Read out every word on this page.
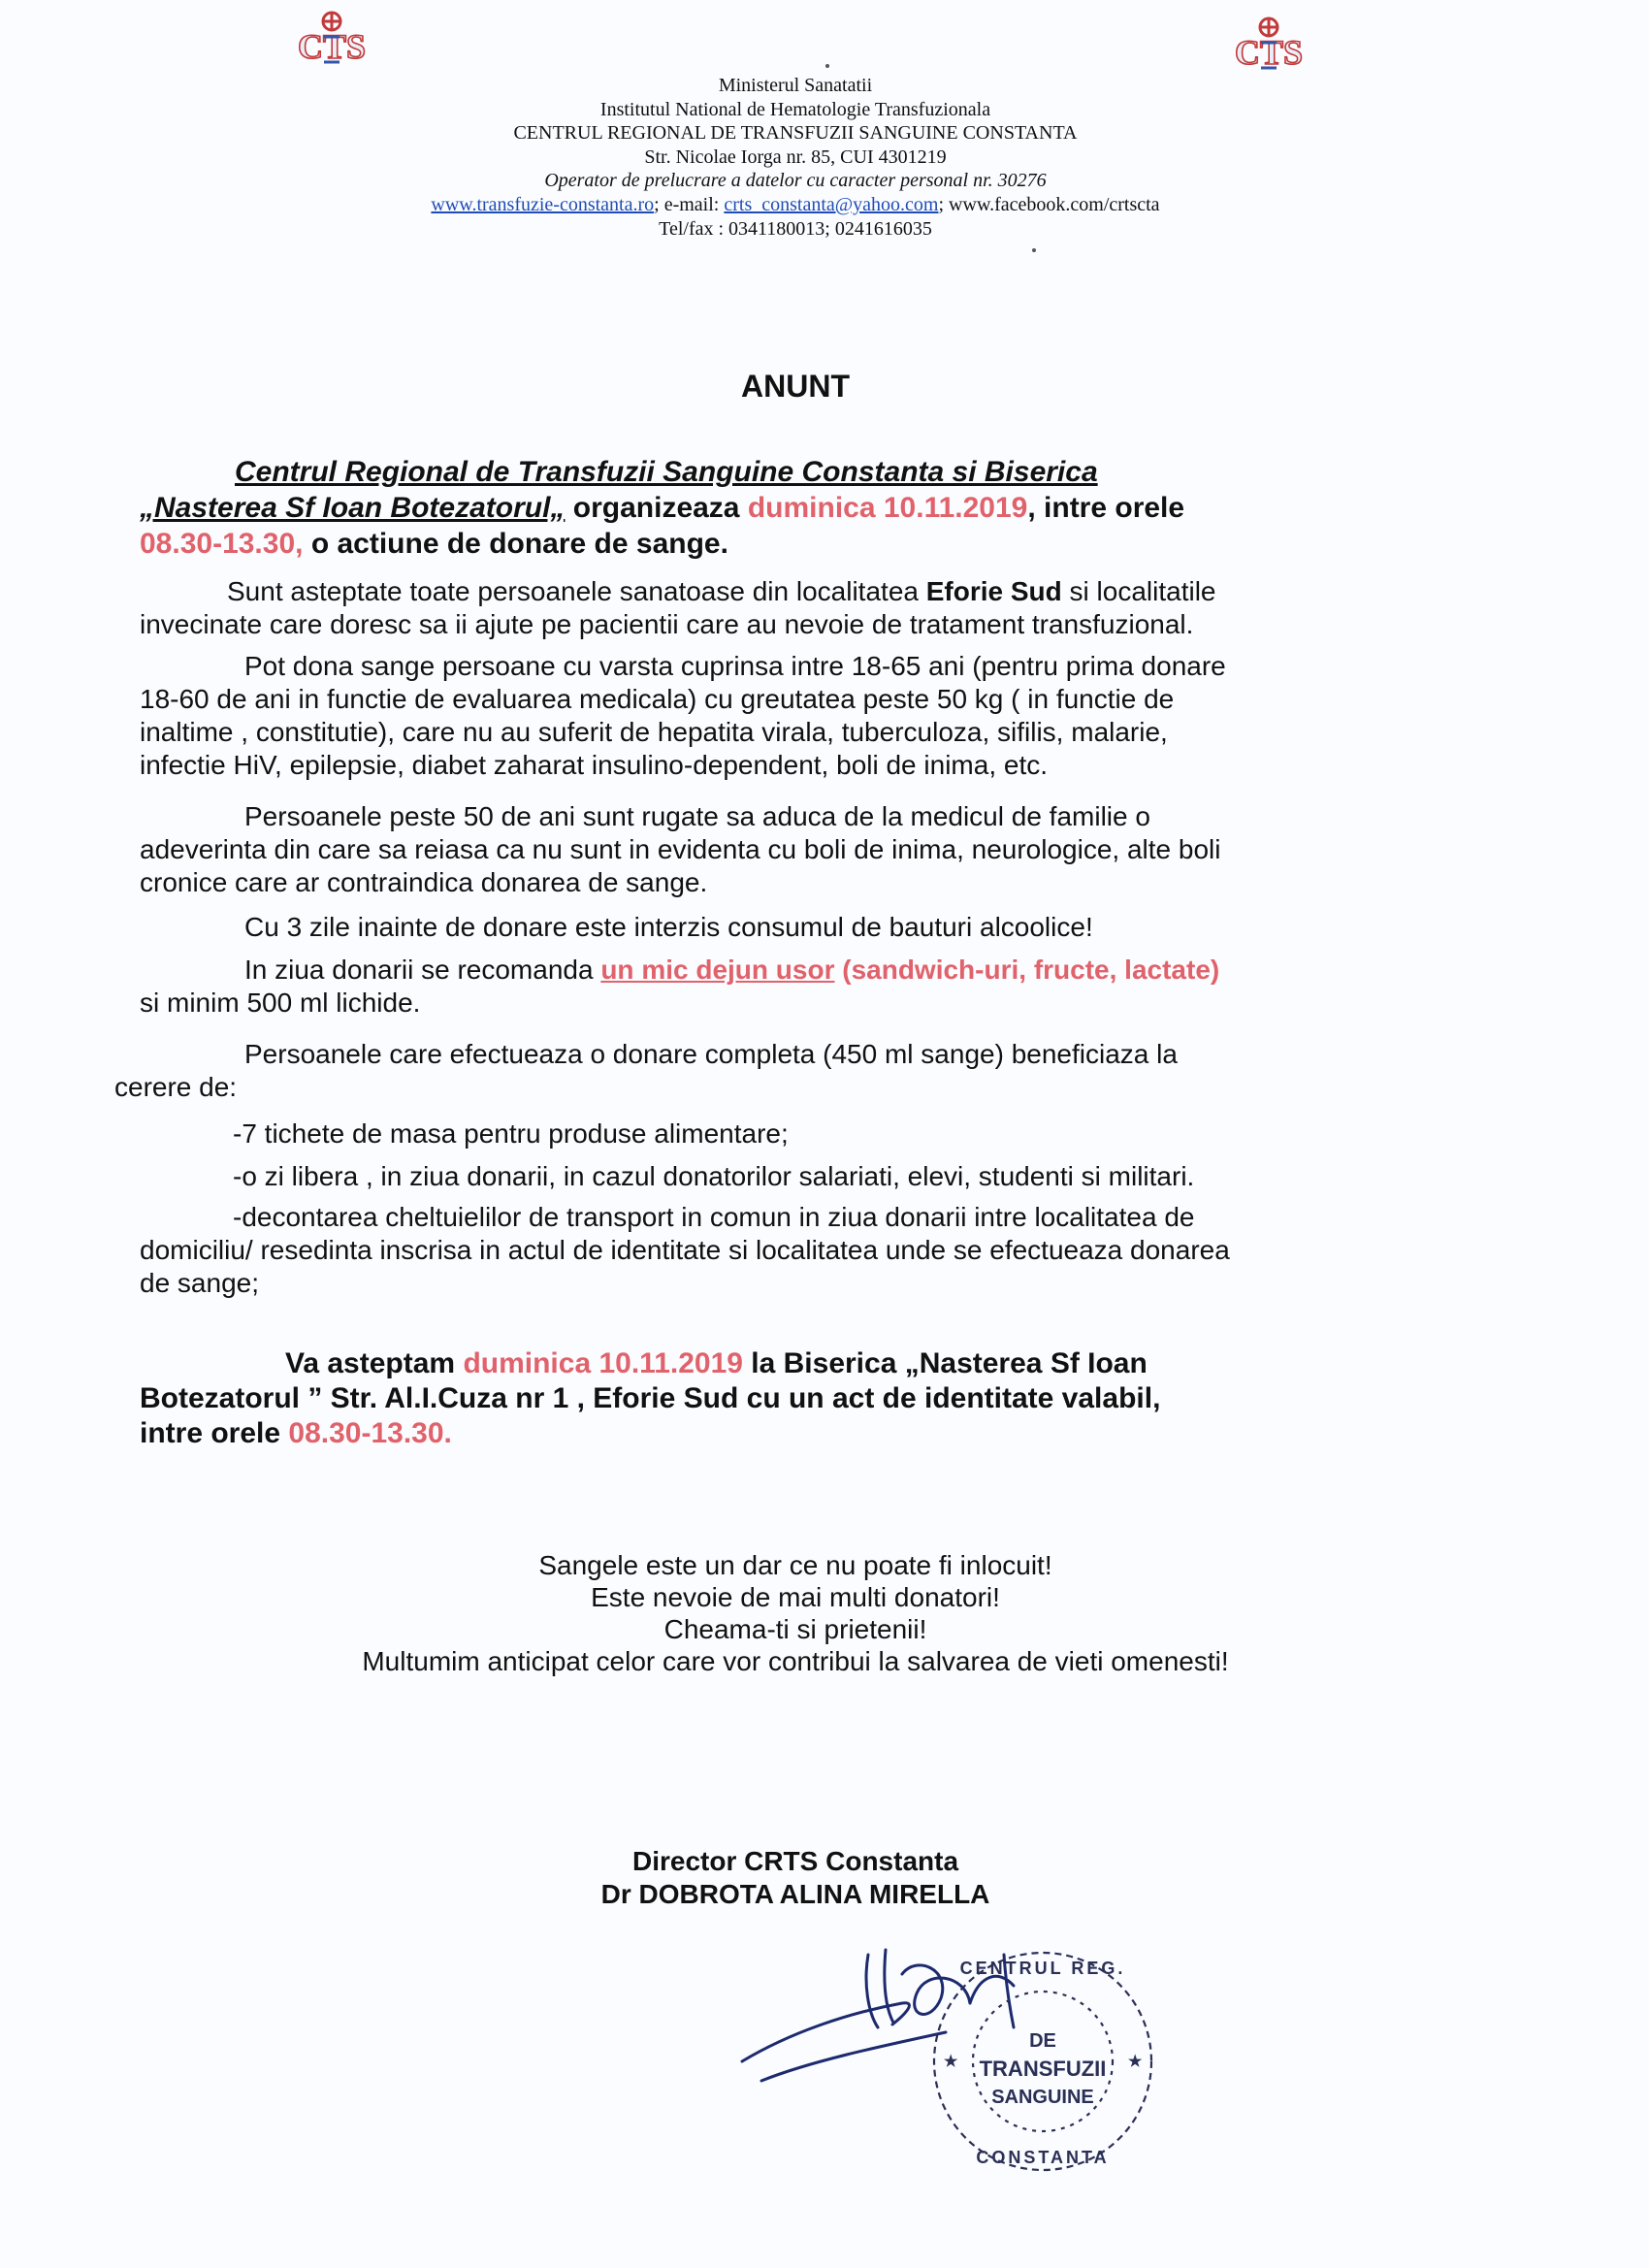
CTS	CTS
Ministerul Sanatatii
Institutul National de Hematologie Transfuzionala
CENTRUL REGIONAL DE TRANSFUZII SANGUINE CONSTANTA
Str. Nicolae Iorga nr. 85, CUI 4301219
Operator de prelucrare a datelor cu caracter personal nr. 30276
www.transfuzie-constanta.ro; e-mail: crts_constanta@yahoo.com; www.facebook.com/crtscta
Tel/fax : 0341180013; 0241616035
ANUNT
Centrul Regional de Transfuzii Sanguine Constanta si Biserica
„Nasterea Sf Ioan Botezatorul„ organizeaza duminica 10.11.2019, intre orele
08.30-13.30, o actiune de donare de sange.
Sunt asteptate toate persoanele sanatoase din localitatea Eforie Sud si localitatile
invecinate care doresc sa ii ajute pe pacientii care au nevoie de tratament transfuzional.
Pot dona sange persoane cu varsta cuprinsa intre 18-65 ani (pentru prima donare
18-60 de ani in functie de evaluarea medicala) cu greutatea peste 50 kg ( in functie de
inaltime , constitutie), care nu au suferit de hepatita virala, tuberculoza, sifilis, malarie,
infectie HiV, epilepsie, diabet zaharat insulino-dependent, boli de inima, etc.
Persoanele peste 50 de ani sunt rugate sa aduca de la medicul de familie o
adeverinta din care sa reiasa ca nu sunt in evidenta cu boli de inima, neurologice, alte boli
cronice care ar contraindica donarea de sange.
Cu 3 zile inainte de donare este interzis consumul de bauturi alcoolice!
In ziua donarii se recomanda un mic dejun usor (sandwich-uri, fructe, lactate)
si minim 500 ml lichide.
Persoanele care efectueaza o donare completa (450 ml sange) beneficiaza la
cerere de:
-7 tichete de masa pentru produse alimentare;
-o zi libera , in ziua donarii, in cazul donatorilor salariati, elevi, studenti si militari.
-decontarea cheltuielilor de transport in comun in ziua donarii intre localitatea de
domiciliu/ resedinta inscrisa in actul de identitate si localitatea unde se efectueaza donarea
de sange;
Va asteptam duminica 10.11.2019 la Biserica „Nasterea Sf Ioan
Botezatorul ” Str. Al.I.Cuza nr 1 , Eforie Sud cu un act de identitate valabil,
intre orele 08.30-13.30.
Sangele este un dar ce nu poate fi inlocuit!
Este nevoie de mai multi donatori!
Cheama-ti si prietenii!
Multumim anticipat celor care vor contribui la salvarea de vieti omenesti!
Director CRTS Constanta
Dr DOBROTA ALINA MIRELLA
DE
TRANSFUZII
SANGUINE
CENTRUL REG.
CONSTANTA
★	★
